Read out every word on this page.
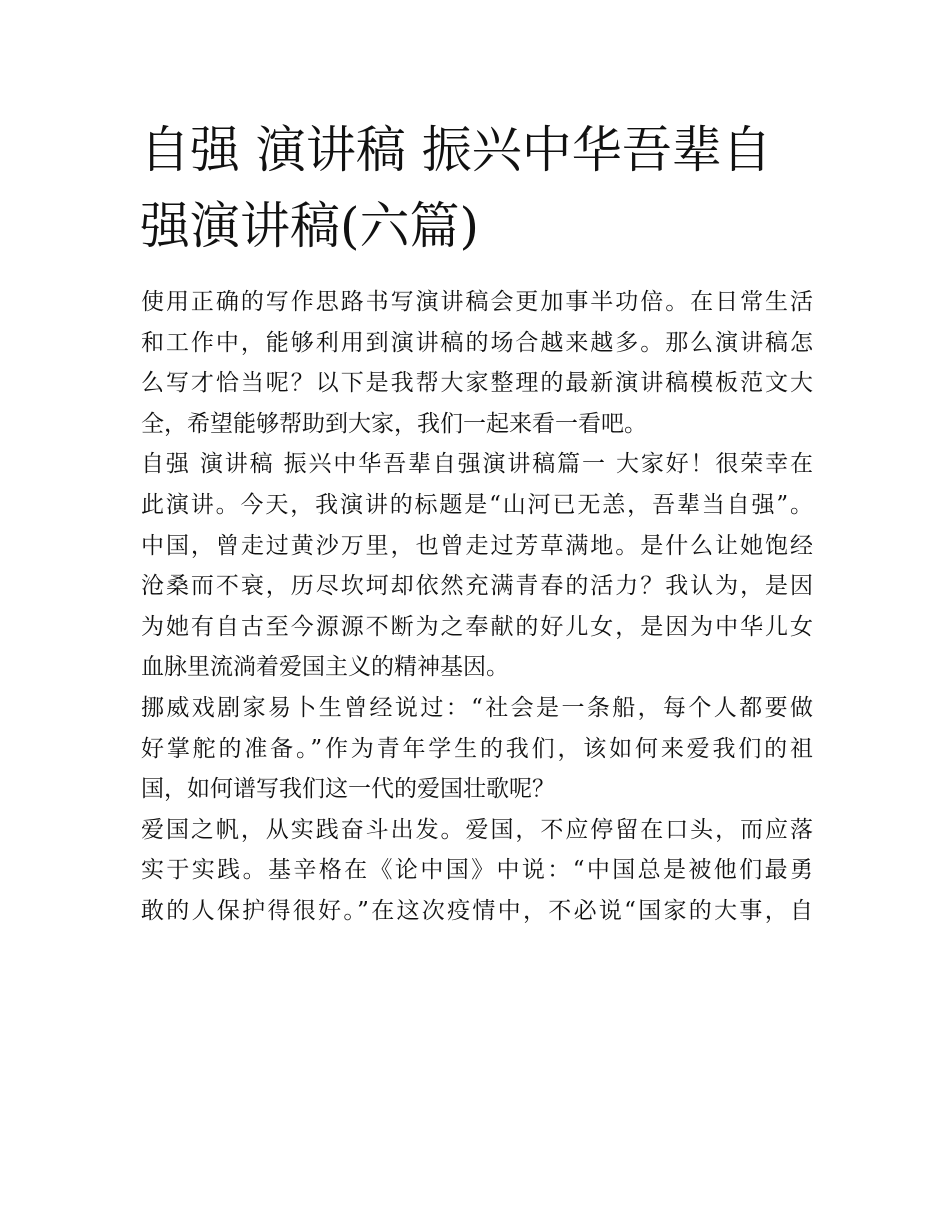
自强 演讲稿 振兴中华吾辈自
强演讲稿(六篇)
使用正确的写作思路书写演讲稿会更加事半功倍。在日常生活
和工作中，能够利用到演讲稿的场合越来越多。那么演讲稿怎
么写才恰当呢？以下是我帮大家整理的最新演讲稿模板范文大
全，希望能够帮助到大家，我们一起来看一看吧。
自强 演讲稿 振兴中华吾辈自强演讲稿篇一 大家好！很荣幸在
此演讲。今天，我演讲的标题是“山河已无恙，吾辈当自强”。
中国，曾走过黄沙万里，也曾走过芳草满地。是什么让她饱经
沧桑而不衰，历尽坎坷却依然充满青春的活力？我认为，是因
为她有自古至今源源不断为之奉献的好儿女，是因为中华儿女
血脉里流淌着爱国主义的精神基因。
挪威戏剧家易卜生曾经说过：“社会是一条船，每个人都要做
好掌舵的准备。”作为青年学生的我们，该如何来爱我们的祖
国，如何谱写我们这一代的爱国壮歌呢？
爱国之帆，从实践奋斗出发。爱国，不应停留在口头，而应落
实于实践。基辛格在《论中国》中说：“中国总是被他们最勇
敢的人保护得很好。”在这次疫情中，不必说“国家的大事，自
